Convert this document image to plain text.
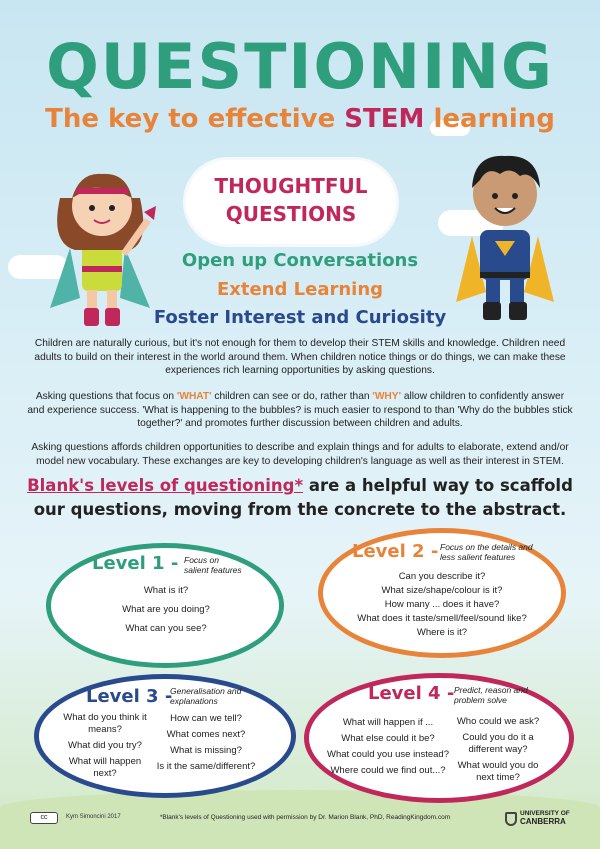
QUESTIONING
The key to effective STEM learning
THOUGHTFUL
QUESTIONS
Open up Conversations
Extend Learning
Foster Interest and Curiosity
Children are naturally curious, but it's not enough for them to develop their STEM skills and knowledge. Children need adults to build on their interest in the world around them. When children notice things or do things, we can make these experiences rich learning opportunities by asking questions.
Asking questions that focus on 'WHAT' children can see or do, rather than 'WHY' allow children to confidently answer and experience success. 'What is happening to the bubbles? is much easier to respond to than 'Why do the bubbles stick together?' and promotes further discussion between children and adults.
Asking questions affords children opportunities to describe and explain things and for adults to elaborate, extend and/or model new vocabulary. These exchanges are key to developing children's language as well as their interest in STEM.
Blank's levels of questioning* are a helpful way to scaffold
our questions, moving from the concrete to the abstract.
Level 1 - Focus on salient features
What is it?
What are you doing?
What can you see?
Level 2 - Focus on the details and less salient features
Can you describe it?
What size/shape/colour is it?
How many ... does it have?
What does it taste/smell/feel/sound like?
Where is it?
Level 3 -
Generalisation and explanations
What do you think it means?
What did you try?
What will happen next?
How can we tell?
What comes next?
What is missing?
Is it the same/different?
Level 4 - Predict, reason and problem solve
What will happen if ...
What else could it be?
What could you use instead?
Where could we find out...?
Who could we ask?
Could you do it a different way?
What would you do next time?
cc	Kym Simoncini 2017	*Blank's levels of Questioning used with permission by Dr. Marion Blank, PhD, ReadingKingdom.com
UNIVERSITY OF
CANBERRA
